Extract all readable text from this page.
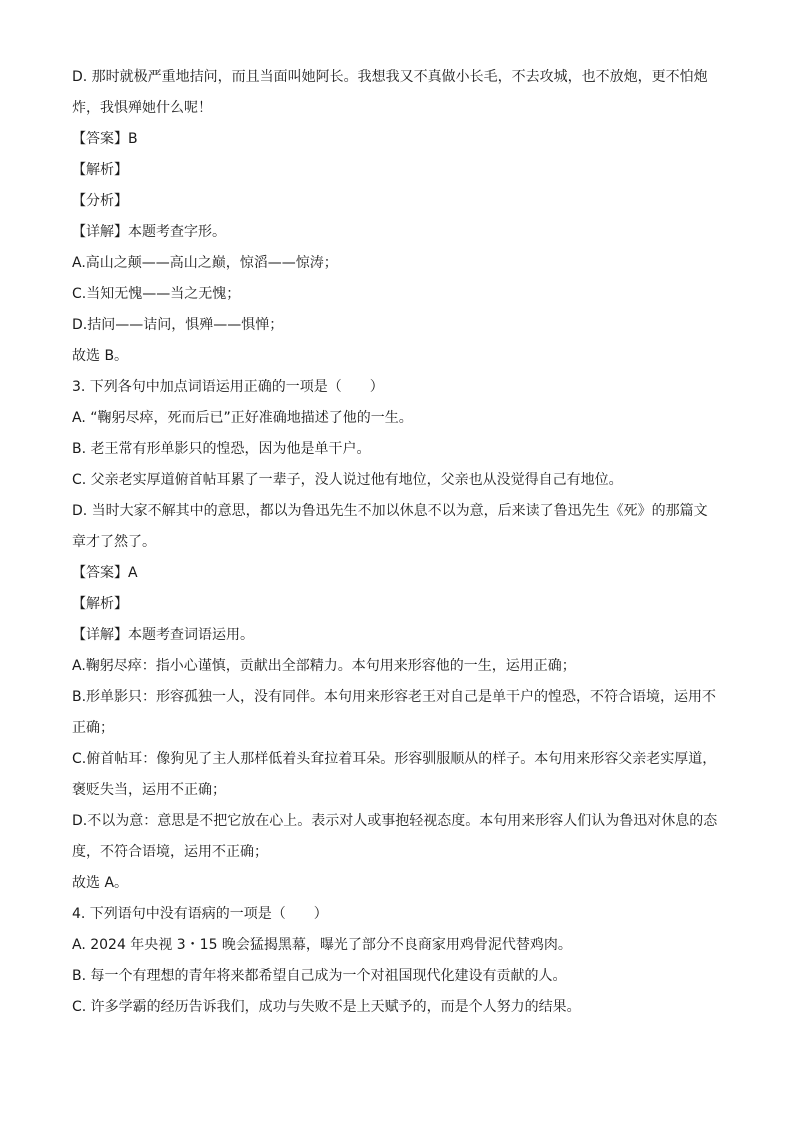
D. 那时就极严重地拮问，而且当面叫她阿长。我想我又不真做小长毛，不去攻城，也不放炮，更不怕炮
炸，我惧殚她什么呢！
【答案】B
【解析】
【分析】
【详解】本题考查字形。
A.高山之颠——高山之巅，惊滔——惊涛；
C.当知无愧——当之无愧；
D.拮问——诘问，惧殚——惧惮；
故选 B。
3. 下列各句中加点词语运用正确的一项是（　　）
A. “鞠躬尽瘁，死而后已”正好准确地描述了他的一生。
B. 老王常有形单影只的惶恐，因为他是单干户。
C. 父亲老实厚道俯首帖耳累了一辈子，没人说过他有地位，父亲也从没觉得自己有地位。
D. 当时大家不解其中的意思，都以为鲁迅先生不加以休息不以为意，后来读了鲁迅先生《死》的那篇文
章才了然了。
【答案】A
【解析】
【详解】本题考查词语运用。
A.鞠躬尽瘁：指小心谨慎，贡献出全部精力。本句用来形容他的一生，运用正确；
B.形单影只：形容孤独一人，没有同伴。本句用来形容老王对自己是单干户的惶恐，不符合语境，运用不
正确；
C.俯首帖耳：像狗见了主人那样低着头耷拉着耳朵。形容驯服顺从的样子。本句用来形容父亲老实厚道，
褒贬失当，运用不正确；
D.不以为意：意思是不把它放在心上。表示对人或事抱轻视态度。本句用来形容人们认为鲁迅对休息的态
度，不符合语境，运用不正确；
故选 A。
4. 下列语句中没有语病的一项是（　　）
A. 2024 年央视 3・15 晚会猛揭黑幕，曝光了部分不良商家用鸡骨泥代替鸡肉。
B. 每一个有理想的青年将来都希望自己成为一个对祖国现代化建设有贡献的人。
C. 许多学霸的经历告诉我们，成功与失败不是上天赋予的，而是个人努力的结果。
